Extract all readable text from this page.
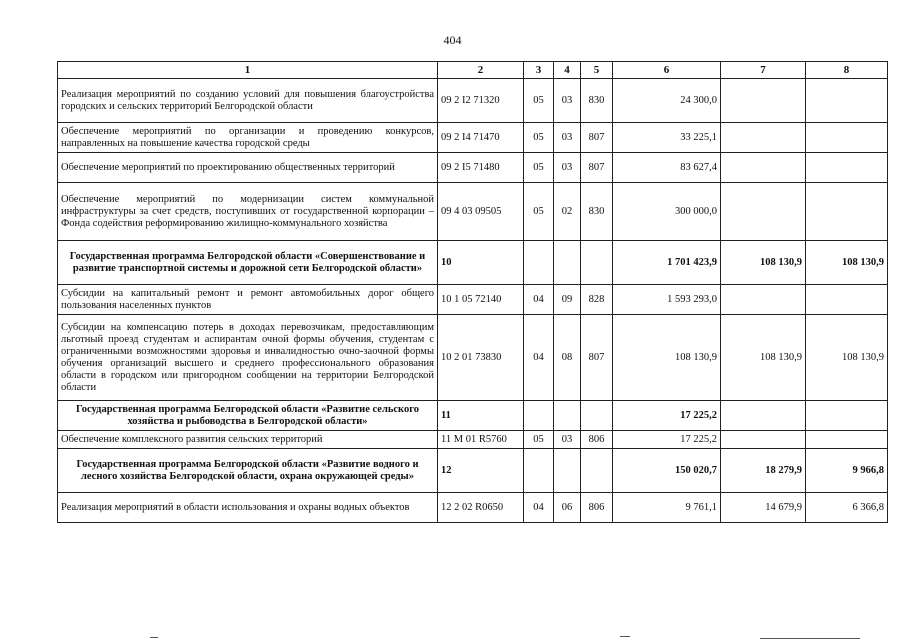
404
1	2	3	4	5	6	7	8
Реализация мероприятий по созданию условий для повышения благоустройства городских и сельских территорий Белгородской области	09 2 I2 71320	05	03	830	24 300,0		
Обеспечение мероприятий по организации и проведению конкурсов, направленных на повышение качества городской среды	09 2 I4 71470	05	03	807	33 225,1		
Обеспечение мероприятий по проектированию общественных территорий	09 2 I5 71480	05	03	807	83 627,4		
Обеспечение мероприятий по модернизации систем коммунальной инфраструктуры за счет средств, поступивших от государственной корпорации – Фонда содействия реформированию жилищно-коммунального хозяйства	09 4 03 09505	05	02	830	300 000,0		
Государственная программа Белгородской области «Совершенствование и развитие транспортной системы и дорожной сети Белгородской области»	10				1 701 423,9	108 130,9	108 130,9
Субсидии на капитальный ремонт и ремонт автомобильных дорог общего пользования населенных пунктов	10 1 05 72140	04	09	828	1 593 293,0		
Субсидии на компенсацию потерь в доходах перевозчикам, предоставляющим льготный проезд студентам и аспирантам очной формы обучения, студентам с ограниченными возможностями здоровья и инвалидностью очно-заочной формы обучения организаций высшего и среднего профессионального образования области в городском или пригородном сообщении на территории Белгородской области	10 2 01 73830	04	08	807	108 130,9	108 130,9	108 130,9
Государственная программа Белгородской области «Развитие сельского хозяйства и рыбоводства в Белгородской области»	11				17 225,2		
Обеспечение комплексного развития сельских территорий	11 М 01 R5760	05	03	806	17 225,2		
Государственная программа Белгородской области «Развитие водного и лесного хозяйства Белгородской области, охрана окружающей среды»	12				150 020,7	18 279,9	9 966,8
Реализация мероприятий в области использования и охраны водных объектов	12 2 02 R0650	04	06	806	9 761,1	14 679,9	6 366,8
